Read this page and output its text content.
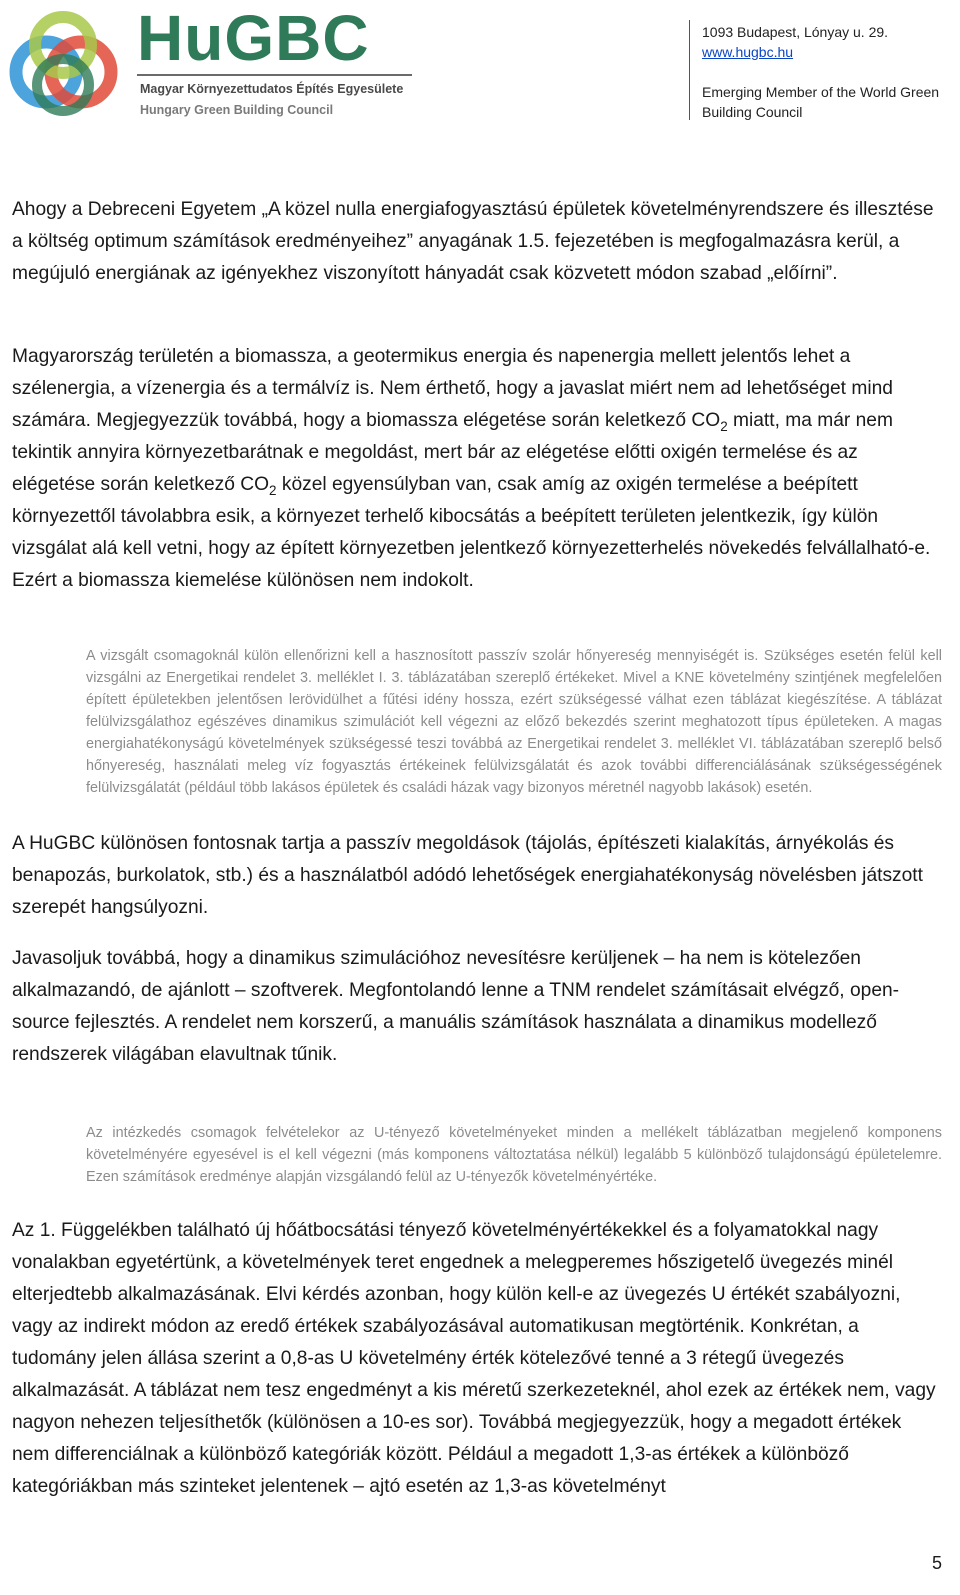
HuGBC
Magyar Környezettudatos Építés Egyesülete
Hungary Green Building Council
1093 Budapest, Lónyay u. 29.
www.hugbc.hu
Emerging Member of the World Green Building Council

Ahogy a Debreceni Egyetem „A közel nulla energiafogyasztású épületek követelményrendszere és illesztése a költség optimum számítások eredményeihez” anyagának 1.5. fejezetében is megfogalmazásra kerül, a megújuló energiának az igényekhez viszonyított hányadát csak közvetett módon szabad „előírni”.

Magyarország területén a biomassza, a geotermikus energia és napenergia mellett jelentős lehet a szélenergia, a vízenergia és a termálvíz is. Nem érthető, hogy a javaslat miért nem ad lehetőséget mind számára. Megjegyezzük továbbá, hogy a biomassza elégetése során keletkező $CO_2$ miatt, ma már nem tekintik annyira környezetbarátnak e megoldást, mert bár az elégetése előtti oxigén termelése és az elégetése során keletkező $CO_2$ közel egyensúlyban van, csak amíg az oxigén termelése a beépített környezettől távolabbra esik, a környezet terhelő kibocsátás a beépített területen jelentkezik, így külön vizsgálat alá kell vetni, hogy az épített környezetben jelentkező környezetterhelés növekedés felvállalható-e. Ezért a biomassza kiemelése különösen nem indokolt.

A vizsgált csomagoknál külön ellenőrizni kell a hasznosított passzív szolár hőnyereség mennyiségét is. Szükséges esetén felül kell vizsgálni az Energetikai rendelet 3. melléklet I. 3. táblázatában szereplő értékeket. Mivel a KNE követelmény szintjének megfelelően épített épületekben jelentősen lerövidülhet a fűtési idény hossza, ezért szükségessé válhat ezen táblázat kiegészítése. A táblázat felülvizsgálathoz egészéves dinamikus szimulációt kell végezni az előző bekezdés szerint meghatozott típus épületeken. A magas energiahatékonyságú követelmények szükségessé teszi továbbá az Energetikai rendelet 3. melléklet VI. táblázatában szereplő belső hőnyereség, használati meleg víz fogyasztás értékeinek felülvizsgálatát és azok további differenciálásának szükségességének felülvizsgálatát (például több lakásos épületek és családi házak vagy bizonyos méretnél nagyobb lakások) esetén.

A HuGBC különösen fontosnak tartja a passzív megoldások (tájolás, építészeti kialakítás, árnyékolás és benapozás, burkolatok, stb.) és a használatból adódó lehetőségek energiahatékonyság növelésben játszott szerepét hangsúlyozni.

Javasoljuk továbbá, hogy a dinamikus szimulációhoz nevesítésre kerüljenek – ha nem is kötelezően alkalmazandó, de ajánlott – szoftverek. Megfontolandó lenne a TNM rendelet számításait elvégző, open-source fejlesztés. A rendelet nem korszerű, a manuális számítások használata a dinamikus modellező rendszerek világában elavultnak tűnik.

Az intézkedés csomagok felvételekor az U-tényező követelményeket minden a mellékelt táblázatban megjelenő komponens követelményére egyesével is el kell végezni (más komponens változtatása nélkül) legalább 5 különböző tulajdonságú épületelemre. Ezen számítások eredménye alapján vizsgálandó felül az U-tényezők követelményértéke.

Az 1. Függelékben található új hőátbocsátási tényező követelményértékekkel és a folyamatokkal nagy vonalakban egyetértünk, a követelmények teret engednek a melegperemes hőszigetelő üvegezés minél elterjedtebb alkalmazásának. Elvi kérdés azonban, hogy külön kell-e az üvegezés U értékét szabályozni, vagy az indirekt módon az eredő értékek szabályozásával automatikusan megtörténik. Konkrétan, a tudomány jelen állása szerint a 0,8-as U követelmény érték kötelezővé tenné a 3 rétegű üvegezés alkalmazását. A táblázat nem tesz engedményt a kis méretű szerkezeteknél, ahol ezek az értékek nem, vagy nagyon nehezen teljesíthetők (különösen a 10-es sor). Továbbá megjegyezzük, hogy a megadott értékek nem differenciálnak a különböző kategóriák között. Például a megadott 1,3-as értékek a különböző kategóriákban más szinteket jelentenek – ajtó esetén az 1,3-as követelményt

5
